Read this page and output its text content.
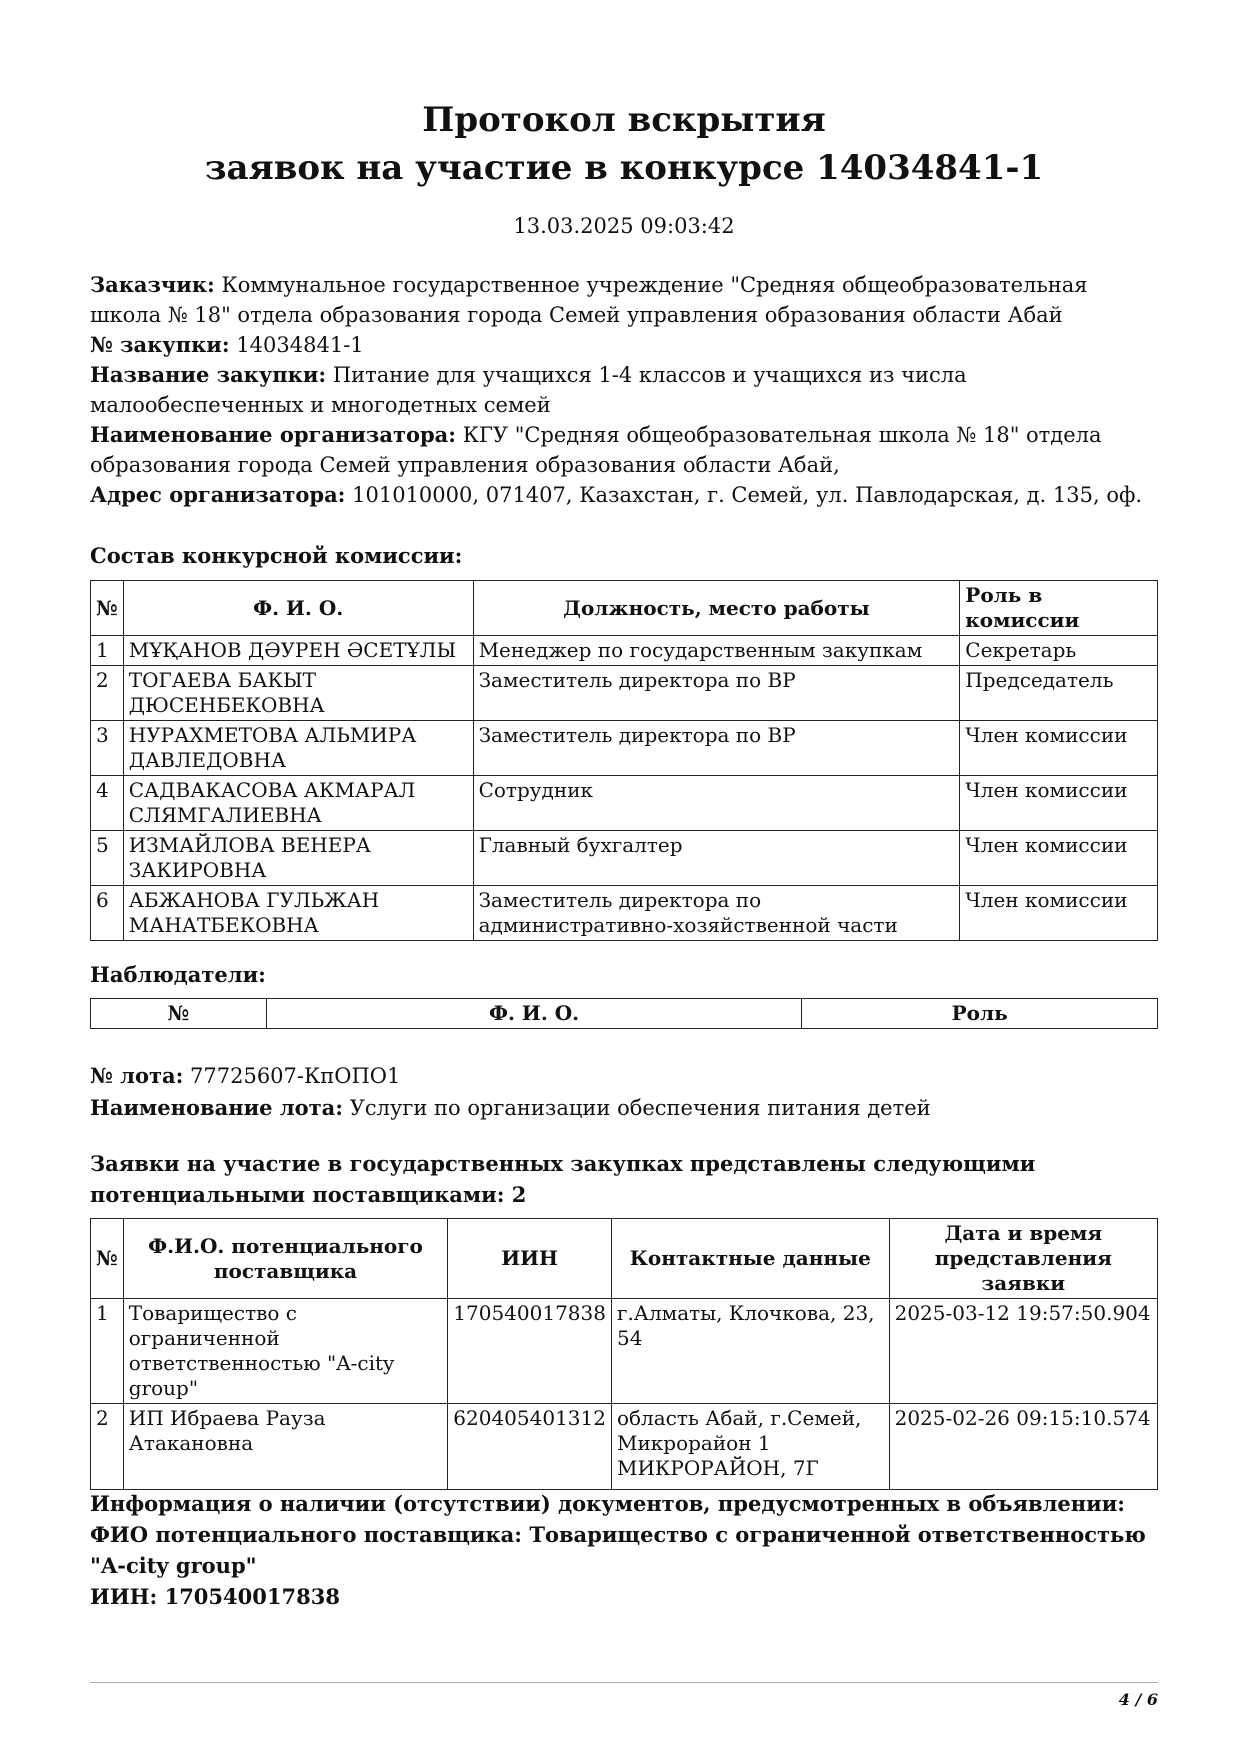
Протокол вскрытия
заявок на участие в конкурсе 14034841-1
13.03.2025 09:03:42

Заказчик: Коммунальное государственное учреждение "Средняя общеобразовательная школа № 18" отдела образования города Семей управления образования области Абай

№ закупки: 14034841-1

Название закупки: Питание для учащихся 1-4 классов и учащихся из числа малообеспеченных и многодетных семей

Наименование организатора: КГУ "Средняя общеобразовательная школа № 18" отдела образования города Семей управления образования области Абай,

Адрес организатора: 101010000, 071407, Казахстан, г. Семей, ул. Павлодарская, д. 135, оф.

Состав конкурсной комиссии:
№	Ф. И. О.	Должность, место работы	Роль в комиссии
1	МҰҚАНОВ ДӘУРЕН ӘСЕТҰЛЫ	Менеджер по государственным закупкам	Секретарь
2	ТОГАЕВА БАКЫТ ДЮСЕНБЕКОВНА	Заместитель директора по ВР	Председатель
3	НУРАХМЕТОВА АЛЬМИРА ДАВЛЕДОВНА	Заместитель директора по ВР	Член комиссии
4	САДВАКАСОВА АКМАРАЛ СЛЯМГАЛИЕВНА	Сотрудник	Член комиссии
5	ИЗМАЙЛОВА ВЕНЕРА ЗАКИРОВНА	Главный бухгалтер	Член комиссии
6	АБЖАНОВА ГУЛЬЖАН МАНАТБЕКОВНА	Заместитель директора по административно-хозяйственной части	Член комиссии
Наблюдатели:
№	Ф. И. О.	Роль

№ лота: 77725607-КпОПО1

Наименование лота: Услуги по организации обеспечения питания детей

Заявки на участие в государственных закупках представлены следующими потенциальными поставщиками: 2
№	Ф.И.О. потенциального поставщика	ИИН	Контактные данные	Дата и время представления заявки
1	Товарищество с ограниченной ответственностью "A-city group"	170540017838	г.Алматы, Клочкова, 23, 54	2025-03-12 19:57:50.904
2	ИП Ибраева Рауза Атакановна	620405401312	область Абай, г.Семей, Микрорайон 1 МИКРОРАЙОН, 7Г	2025-02-26 09:15:10.574

Информация о наличии (отсутствии) документов, предусмотренных в объявлении:

ФИО потенциального поставщика: Товарищество с ограниченной ответственностью "A-city group"

ИИН: 170540017838

4 / 6
